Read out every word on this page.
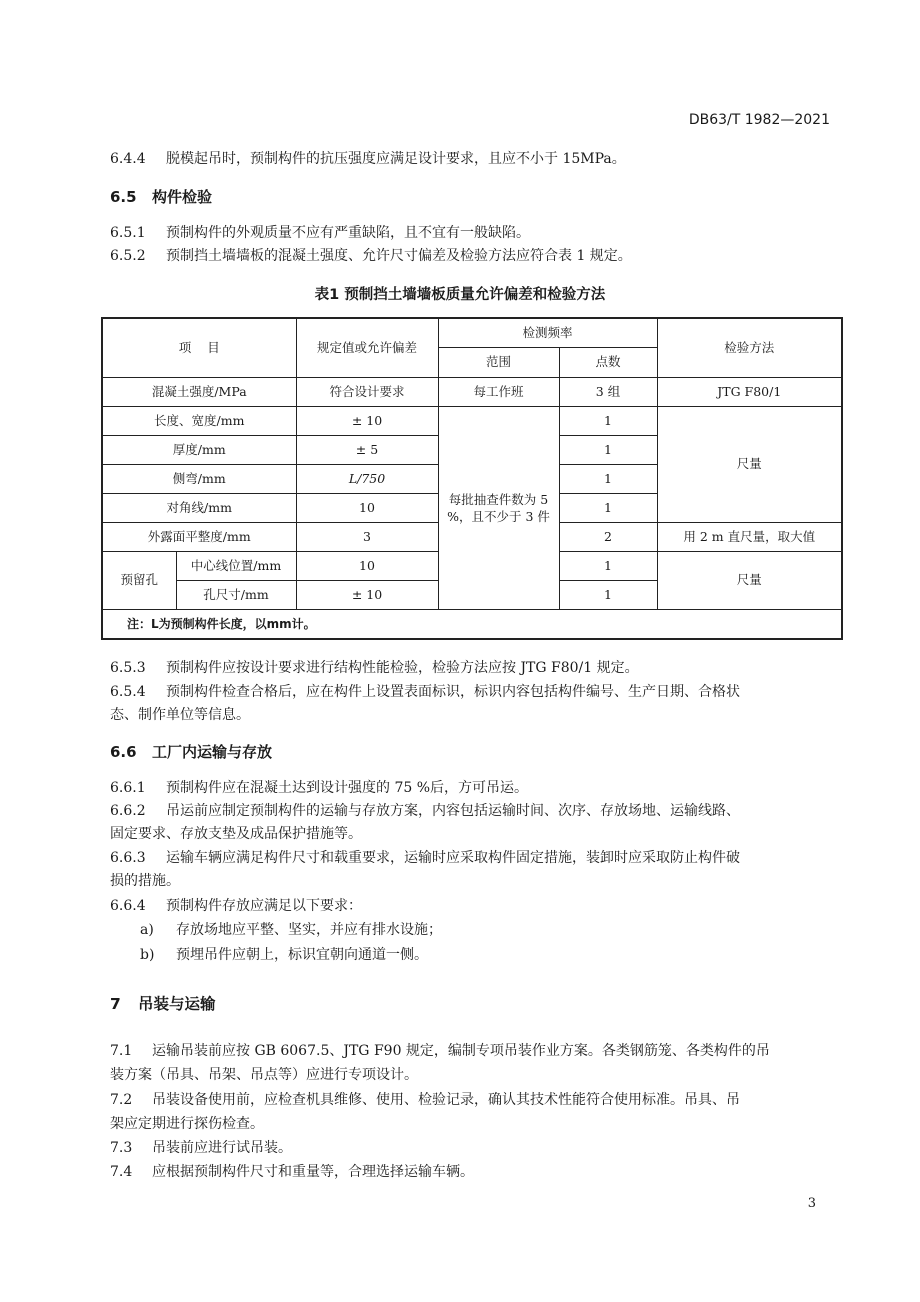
DB63/T 1982—2021
6.4.4 脱模起吊时，预制构件的抗压强度应满足设计要求，且应不小于 15MPa。
6.5 构件检验
6.5.1 预制构件的外观质量不应有严重缺陷，且不宜有一般缺陷。
6.5.2 预制挡土墙墙板的混凝土强度、允许尺寸偏差及检验方法应符合表 1 规定。
表1 预制挡土墙墙板质量允许偏差和检验方法
项    目		规定值或允许偏差	检测频率		检验方法
			范围	点数	
混凝土强度/MPa		符合设计要求	每工作班	3 组	JTG F80/1
长度、宽度/mm		± 10	每批抽查件数为 5 %，且不少于 3 件	1	尺量
厚度/mm		± 5		1	
侧弯/mm		L/750		1	
对角线/mm		10		1	
外露面平整度/mm		3		2	用 2 m 直尺量，取大值
预留孔	中心线位置/mm	10		1	尺量
	孔尺寸/mm	± 10		1	
注：L为预制构件长度，以mm计。					
6.5.3 预制构件应按设计要求进行结构性能检验，检验方法应按 JTG F80/1 规定。
6.5.4 预制构件检查合格后，应在构件上设置表面标识，标识内容包括构件编号、生产日期、合格状
态、制作单位等信息。
6.6 工厂内运输与存放
6.6.1 预制构件应在混凝土达到设计强度的 75 %后，方可吊运。
6.6.2 吊运前应制定预制构件的运输与存放方案，内容包括运输时间、次序、存放场地、运输线路、
固定要求、存放支垫及成品保护措施等。
6.6.3 运输车辆应满足构件尺寸和载重要求，运输时应采取构件固定措施，装卸时应采取防止构件破
损的措施。
6.6.4 预制构件存放应满足以下要求：
a) 存放场地应平整、坚实，并应有排水设施；
b) 预埋吊件应朝上，标识宜朝向通道一侧。
7 吊装与运输
7.1 运输吊装前应按 GB 6067.5、JTG F90 规定，编制专项吊装作业方案。各类钢筋笼、各类构件的吊
装方案（吊具、吊架、吊点等）应进行专项设计。
7.2 吊装设备使用前，应检查机具维修、使用、检验记录，确认其技术性能符合使用标准。吊具、吊
架应定期进行探伤检查。
7.3 吊装前应进行试吊装。
7.4 应根据预制构件尺寸和重量等，合理选择运输车辆。
3
